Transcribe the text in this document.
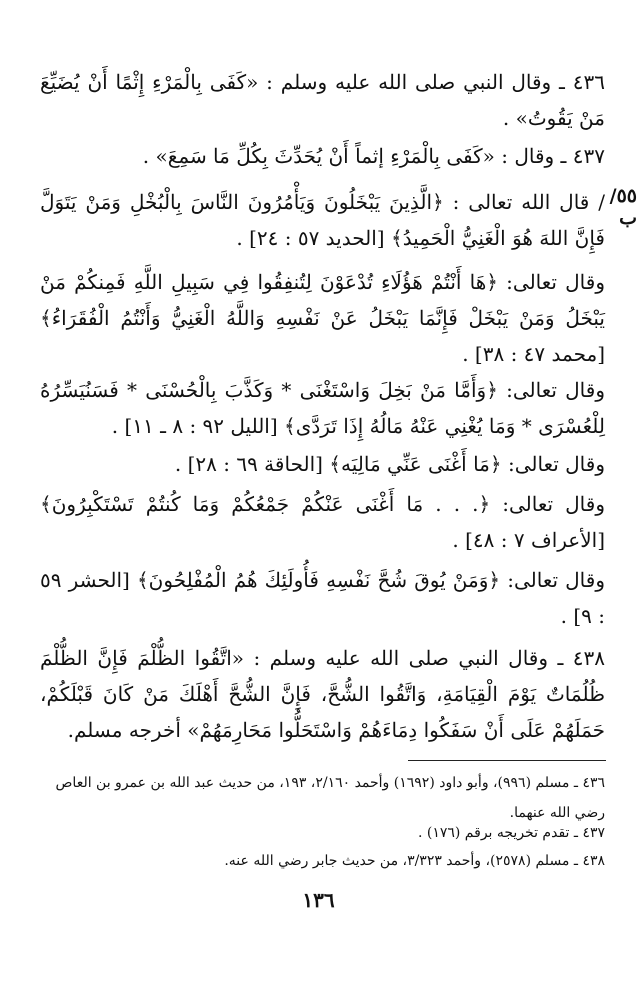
٥٥/ب

٤٣٦ ـ وقال النبي صلى الله عليه وسلم : «كَفَى بِالْمَرْءِ إِثْمًا أَنْ يُضَيِّعَ مَنْ يَقُوتُ» .

٤٣٧ ـ وقال : «كَفَى بِالْمَرْءِ إثماً أَنْ يُحَدِّثَ بِكُلِّ مَا سَمِعَ» .

/ قال الله تعالى : ﴿الَّذِينَ يَبْخَلُونَ وَيَأْمُرُونَ النَّاسَ بِالْبُخْلِ وَمَنْ يَتَوَلَّ فَإِنَّ اللهَ هُوَ الْغَنِيُّ الْحَمِيدُ﴾ [الحديد ٥٧ : ٢٤] .

وقال تعالى: ﴿هَا أَنْتُمْ هَؤُلَاءِ تُدْعَوْنَ لِتُنفِقُوا فِي سَبِيلِ اللَّهِ فَمِنكُمْ مَنْ يَبْخَلُ وَمَنْ يَبْخَلْ فَإِنَّمَا يَبْخَلُ عَنْ نَفْسِهِ وَاللَّهُ الْغَنِيُّ وَأَنْتُمُ الْفُقَرَاءُ﴾ [محمد ٤٧ : ٣٨] .

وقال تعالى: ﴿وَأَمَّا مَنْ بَخِلَ وَاسْتَغْنَى * وَكَذَّبَ بِالْحُسْنَى * فَسَنُيَسِّرُهُ لِلْعُسْرَى * وَمَا يُغْنِي عَنْهُ مَالُهُ إِذَا تَرَدَّى﴾ [الليل ٩٢ : ٨ ـ ١١] .

وقال تعالى: ﴿مَا أَغْنَى عَنِّي مَالِيَه﴾ [الحاقة ٦٩ : ٢٨] .

وقال تعالى: ﴿. . . مَا أَغْنَى عَنْكُمْ جَمْعُكُمْ وَمَا كُنتُمْ تَسْتَكْبِرُونَ﴾ [الأعراف ٧ : ٤٨] .

وقال تعالى: ﴿وَمَنْ يُوقَ شُحَّ نَفْسِهِ فَأُولَئِكَ هُمُ الْمُفْلِحُونَ﴾ [الحشر ٥٩ : ٩] .

٤٣٨ ـ وقال النبي صلى الله عليه وسلم : «اتَّقُوا الظُّلْمَ فَإِنَّ الظُّلْمَ ظُلُمَاتٌ يَوْمَ الْقِيَامَةِ، وَاتَّقُوا الشُّحَّ، فَإِنَّ الشُّحَّ أَهْلَكَ مَنْ كَانَ قَبْلَكُمْ، حَمَلَهُمْ عَلَى أَنْ سَفَكُوا دِمَاءَهُمْ وَاسْتَحَلُّوا مَحَارِمَهُمْ» أخرجه مسلم.

٤٣٦ ـ مسلم (٩٩٦)، وأبو داود (١٦٩٢) وأحمد ٢/١٦٠، ١٩٣، من حديث عبد الله بن عمرو بن العاص رضي الله عنهما.

٤٣٧ ـ تقدم تخريجه برقم (١٧٦) .

٤٣٨ ـ مسلم (٢٥٧٨)، وأحمد ٣/٣٢٣، من حديث جابر رضي الله عنه.

١٣٦
